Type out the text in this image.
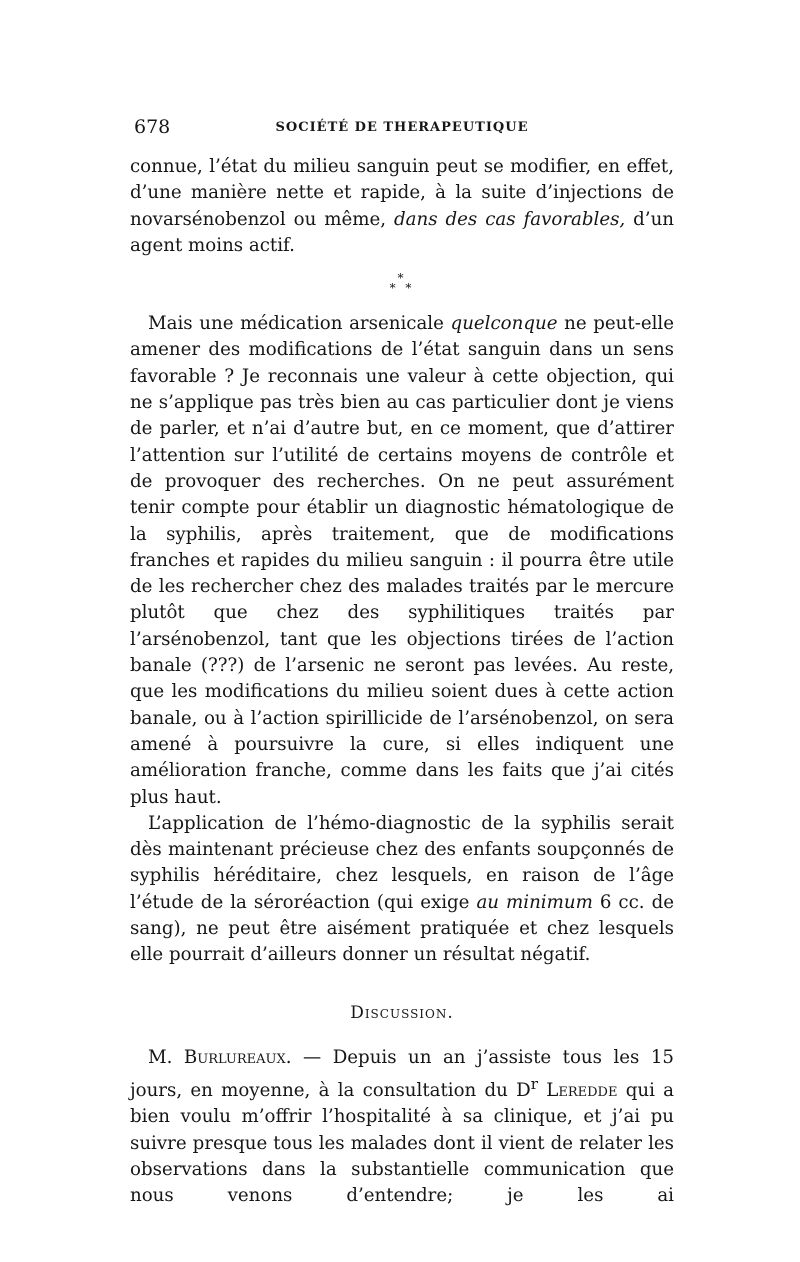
678	SOCIÉTÉ DE THERAPEUTIQUE

connue, l’état du milieu sanguin peut se modifier, en effet, d’une manière nette et rapide, à la suite d’injections de novarsénobenzol ou même, dans des cas favorables, d’un agent moins actif.

*
* *

Mais une médication arsenicale quelconque ne peut-elle amener des modifications de l’état sanguin dans un sens favorable ? Je reconnais une valeur à cette objection, qui ne s’applique pas très bien au cas particulier dont je viens de parler, et n’ai d’autre but, en ce moment, que d’attirer l’attention sur l’utilité de certains moyens de contrôle et de provoquer des recherches. On ne peut assurément tenir compte pour établir un diagnostic hématologique de la syphilis, après traitement, que de modifications franches et rapides du milieu sanguin : il pourra être utile de les rechercher chez des malades traités par le mercure plutôt que chez des syphilitiques traités par l’arsénobenzol, tant que les objections tirées de l’action banale (???) de l’arsenic ne seront pas levées. Au reste, que les modifications du milieu soient dues à cette action banale, ou à l’action spirillicide de l’arsénobenzol, on sera amené à poursuivre la cure, si elles indiquent une amélioration franche, comme dans les faits que j’ai cités plus haut.

L’application de l’hémo-diagnostic de la syphilis serait dès maintenant précieuse chez des enfants soupçonnés de syphilis héréditaire, chez lesquels, en raison de l’âge l’étude de la séroréaction (qui exige au minimum 6 cc. de sang), ne peut être aisément pratiquée et chez lesquels elle pourrait d’ailleurs donner un résultat négatif.

Discussion.

M. Burlureaux. — Depuis un an j’assiste tous les 15 jours, en moyenne, à la consultation du $D^r$ Leredde qui a bien voulu m’offrir l’hospitalité à sa clinique, et j’ai pu suivre presque tous les malades dont il vient de relater les observations dans la substantielle communication que nous venons d’entendre; je les ai
